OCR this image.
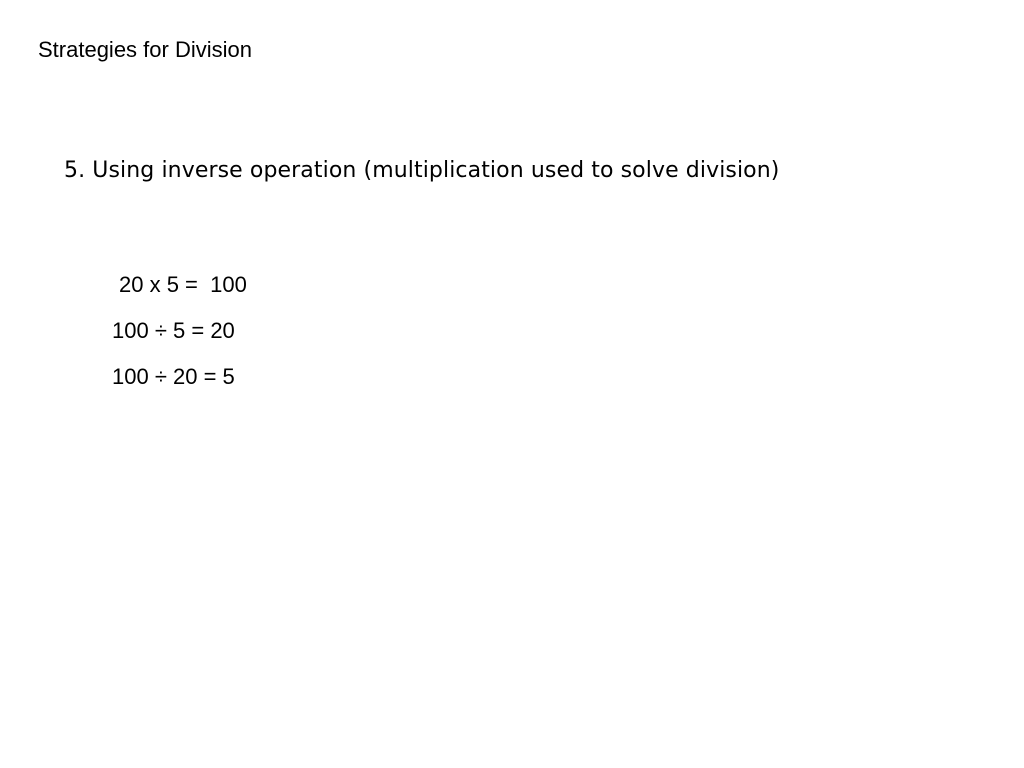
Strategies for Division
5. Using inverse operation (multiplication used to solve division)
20 x 5 =  100
100 ÷ 5 = 20
100 ÷ 20 = 5
